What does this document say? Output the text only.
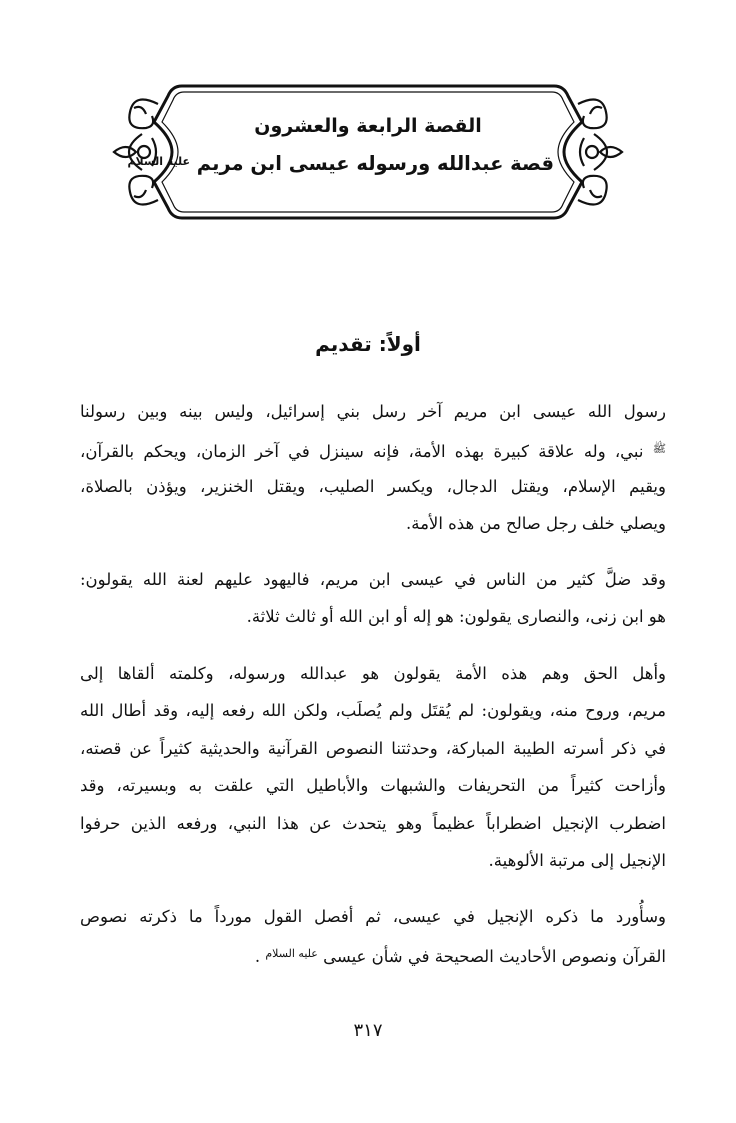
القصة الرابعة والعشرون
قصة عبدالله ورسوله عيسى ابن مريم $^{عليه السلام}$
أولاً: تقديم
رسول الله عيسى ابن مريم آخر رسل بني إسرائيل، وليس بينه وبين رسولنا
$^ﷺ$ نبي، وله علاقة كبيرة بهذه الأمة، فإنه سينزل في آخر الزمان، ويحكم بالقرآن،
ويقيم الإسلام، ويقتل الدجال، ويكسر الصليب، ويقتل الخنزير، ويؤذن بالصلاة،
ويصلي خلف رجل صالح من هذه الأمة.
وقد ضلَّ كثير من الناس في عيسى ابن مريم، فاليهود عليهم لعنة الله يقولون:
هو ابن زنى، والنصارى يقولون: هو إله أو ابن الله أو ثالث ثلاثة.
وأهل الحق وهم هذه الأمة يقولون هو عبدالله ورسوله، وكلمته ألقاها إلى
مريم، وروح منه، ويقولون: لم يُقتَل ولم يُصلَب، ولكن الله رفعه إليه، وقد أطال الله
في ذكر أسرته الطيبة المباركة، وحدثتنا النصوص القرآنية والحديثية كثيراً عن قصته،
وأزاحت كثيراً من التحريفات والشبهات والأباطيل التي علقت به وبسيرته، وقد
اضطرب الإنجيل اضطراباً عظيماً وهو يتحدث عن هذا النبي، ورفعه الذين حرفوا
الإنجيل إلى مرتبة الألوهية.
وسأُورد ما ذكره الإنجيل في عيسى، ثم أفصل القول مورداً ما ذكرته نصوص
القرآن ونصوص الأحاديث الصحيحة في شأن عيسى $^{عليه السلام}$ .
٣١٧
